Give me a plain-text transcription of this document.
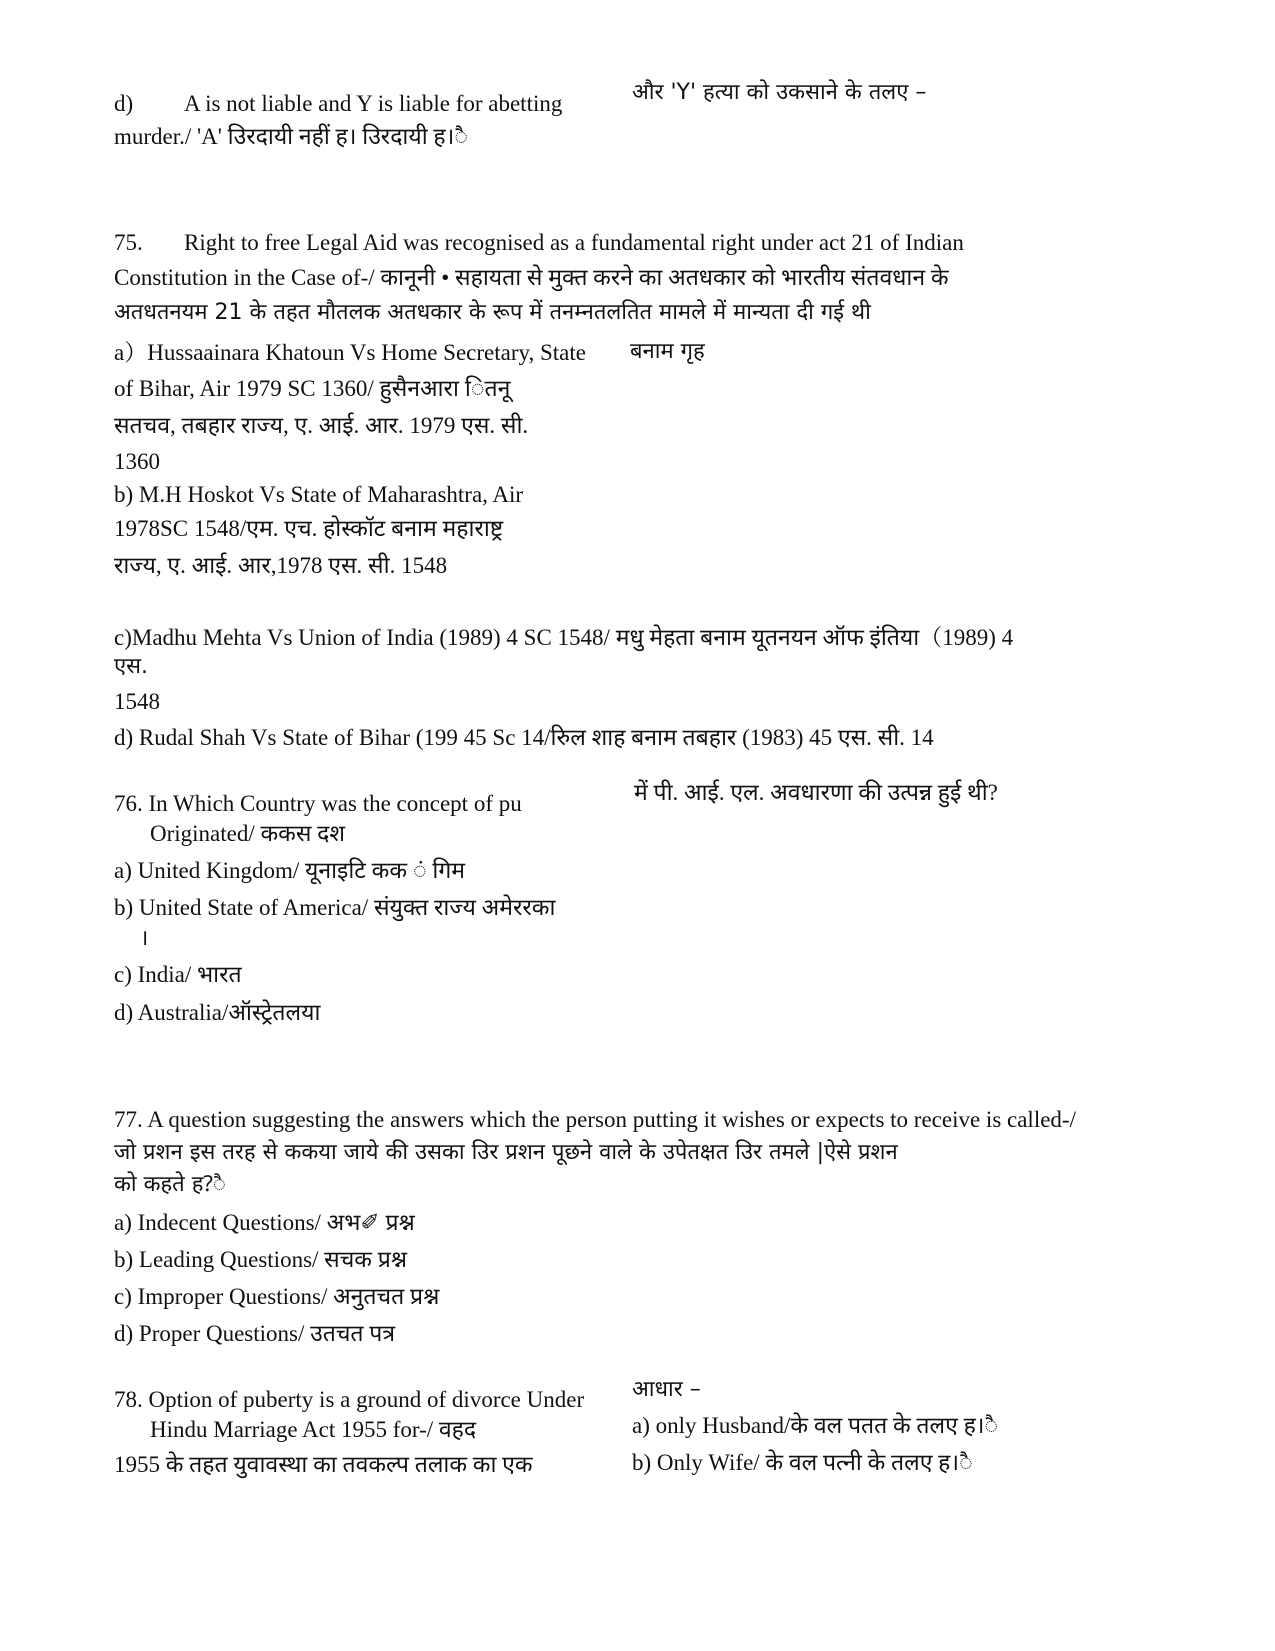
d) A is not liable and Y is liable for abetting	और 'Y' हत्या को उकसाने के तलए –
murder./ 'A' उिरदायी नहीं ह। उिरदायी ह।ै
75. Right to free Legal Aid was recognised as a fundamental right under act 21 of Indian
Constitution in the Case of-/ कानूनी • सहायता से मुक्त करने का अतधकार को भारतीय संतवधान के
अतधतनयम 21 के तहत मौतलक अतधकार के रूप में तनम्नतलतित मामले में मान्यता दी गई थी
a）Hussaainara Khatoun Vs Home Secretary, State बनाम गृह
of Bihar, Air 1979 SC 1360/ हुसैनआरा ितनू
सतचव, तबहार राज्य, ए. आई. आर. 1979 एस. सी.
1360
b) M.H Hoskot Vs State of Maharashtra, Air
1978SC 1548/एम. एच. होस्कॉट बनाम महाराष्ट्र
राज्य, ए. आई. आर,1978 एस. सी. 1548
c)Madhu Mehta Vs Union of India (1989) 4 SC 1548/ मधु मेहता बनाम यूतनयन ऑफ इंतिया（1989) 4
एस.
1548
d) Rudal Shah Vs State of Bihar (199 45 Sc 14/रुिल शाह बनाम तबहार (1983) 45 एस. सी. 14
76. In Which Country was the concept of pu	में पी. आई. एल. अवधारणा की उत्पन्न हुई थी?
Originated/ ककस दश
a) United Kingdom/ यूनाइटि कक ं गिम
b) United State of America/ संयुक्त राज्य अमेररका
।
c) India/ भारत
d) Australia/ऑस्ट्रेतलया
77. A question suggesting the answers which the person putting it wishes or expects to receive is called-/
जो प्रशन इस तरह से ककया जाये की उसका उिर प्रशन पूछने वाले के उपेतक्षत उिर तमले |ऐसे प्रशन
को कहते ह?ै
a) Indecent Questions/ अभ✐ प्रश्न
b) Leading Questions/ सचक प्रश्न
c) Improper Questions/ अनुतचत प्रश्न
d) Proper Questions/ उतचत पत्र
आधार –
78. Option of puberty is a ground of divorce Under
Hindu Marriage Act 1955 for-/ वहद	a) only Husband/के वल पतत के तलए ह।ै
1955 के तहत युवावस्था का तवकल्प तलाक का एक	b) Only Wife/ के वल पत्नी के तलए ह।ै
